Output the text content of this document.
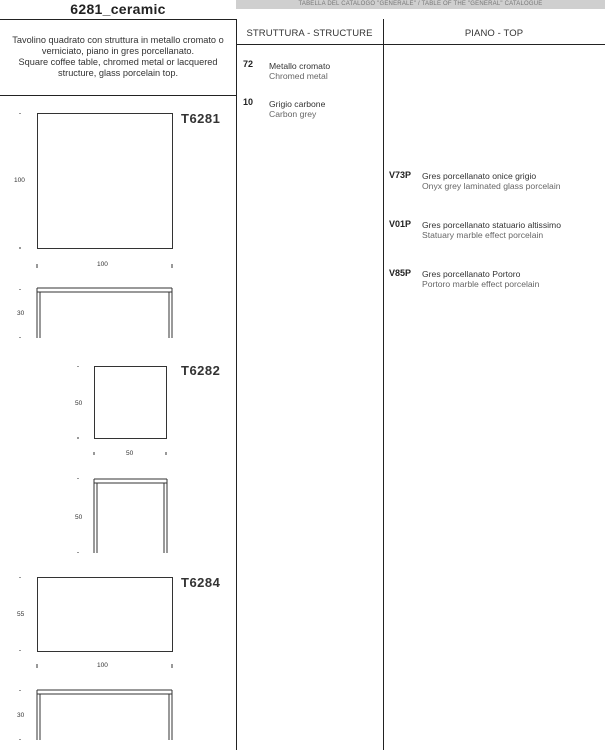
6281_ceramic	TABELLA DEL CATALOGO "GENERALE" / TABLE OF THE "GENERAL" CATALOGUE
Tavolino quadrato con struttura in metallo cromato o verniciato, piano in gres porcellanato.
Square coffee table, chromed metal or lacquered structure, glass porcelain top.
STRUTTURA - STRUCTURE	PIANO - TOP
72 Metallo cromato
Chromed metal
10 Grigio carbone
Carbon grey
V73P Gres porcellanato onice grigio
Onyx grey laminated glass porcelain
V01P Gres porcellanato statuario altissimo
Statuary marble effect porcelain
V85P Gres porcellanato Portoro
Portoro marble effect porcelain
T6281
T6282
T6284
100
100
30
50
50
50
55
100
30
